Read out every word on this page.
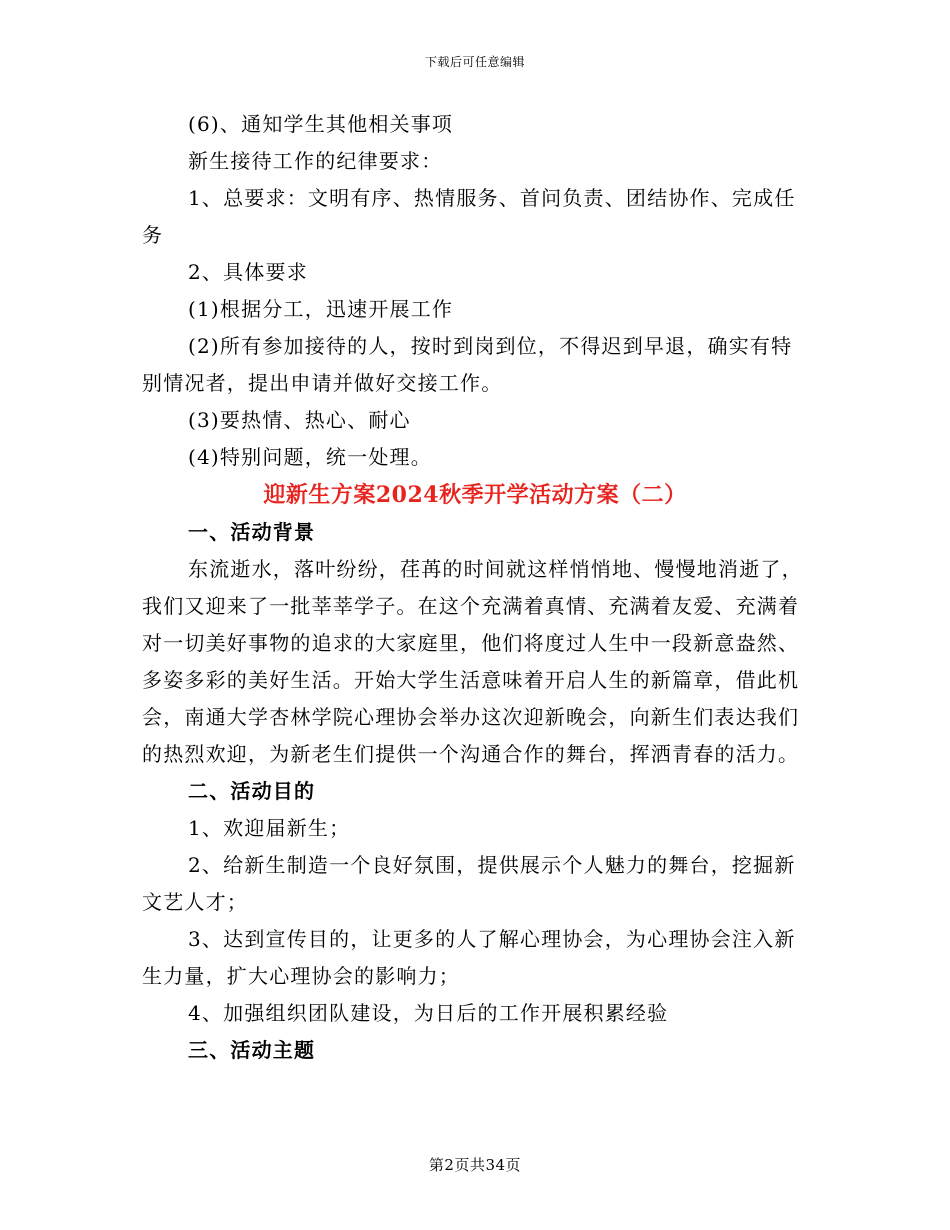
下载后可任意编辑

(6)、通知学生其他相关事项

新生接待工作的纪律要求：

1、总要求：文明有序、热情服务、首问负责、团结协作、完成任务

2、具体要求

(1)根据分工，迅速开展工作

(2)所有参加接待的人，按时到岗到位，不得迟到早退，确实有特别情况者，提出申请并做好交接工作。

(3)要热情、热心、耐心

(4)特别问题，统一处理。

迎新生方案2024秋季开学活动方案（二）

一、活动背景

东流逝水，落叶纷纷，荏苒的时间就这样悄悄地、慢慢地消逝了，我们又迎来了一批莘莘学子。在这个充满着真情、充满着友爱、充满着对一切美好事物的追求的大家庭里，他们将度过人生中一段新意盎然、多姿多彩的美好生活。开始大学生活意味着开启人生的新篇章，借此机会，南通大学杏林学院心理协会举办这次迎新晚会，向新生们表达我们的热烈欢迎，为新老生们提供一个沟通合作的舞台，挥洒青春的活力。

二、活动目的

1、欢迎届新生；

2、给新生制造一个良好氛围，提供展示个人魅力的舞台，挖掘新文艺人才；

3、达到宣传目的，让更多的人了解心理协会，为心理协会注入新生力量，扩大心理协会的影响力；

4、加强组织团队建设，为日后的工作开展积累经验

三、活动主题

第2页共34页
